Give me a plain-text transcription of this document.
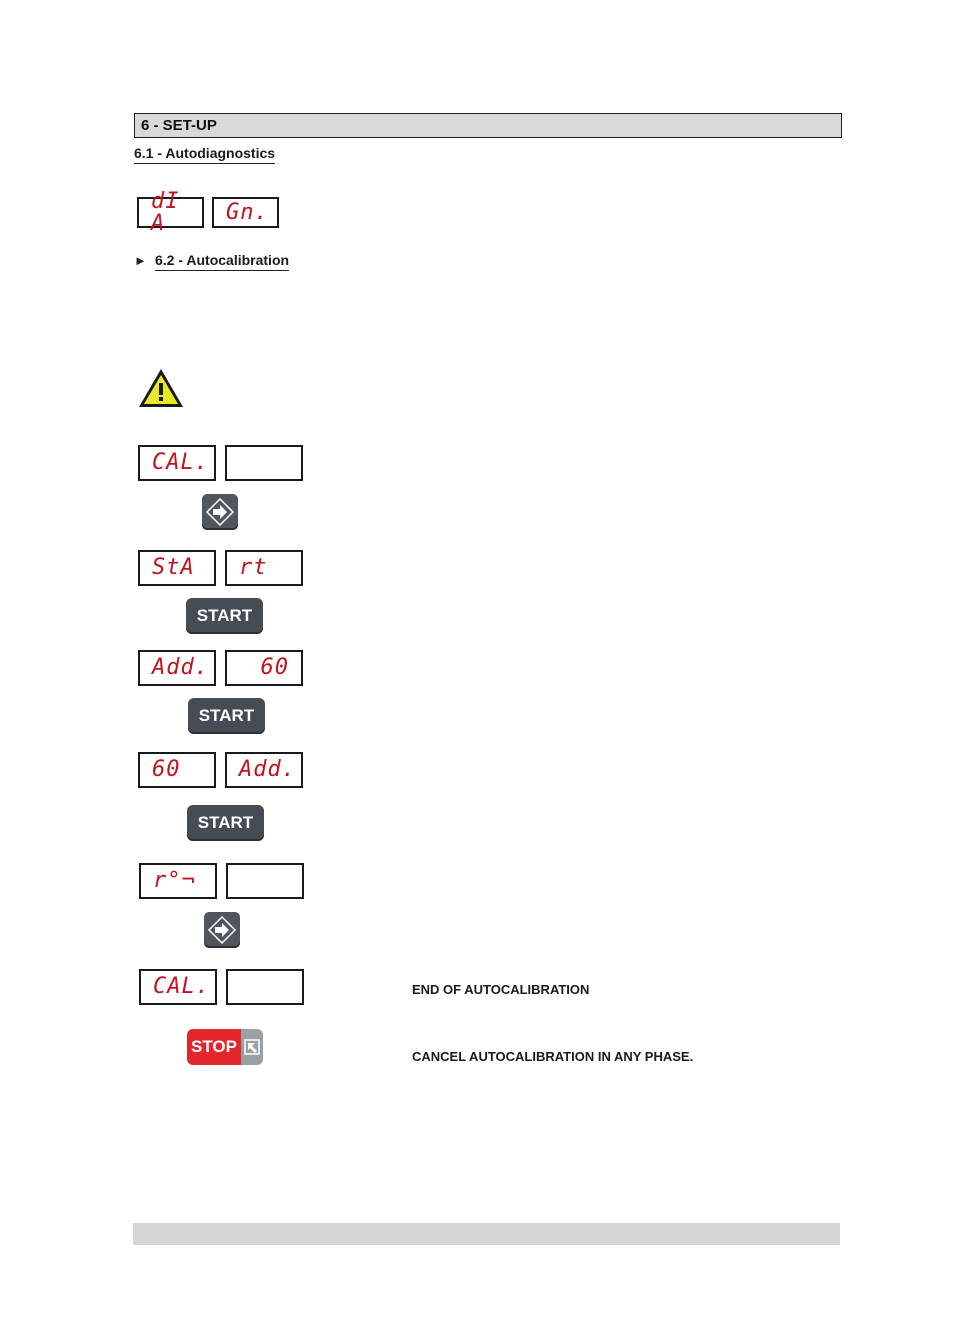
6 - SET-UP
6.1 - Autodiagnostics
dI A	Gn.
► 6.2 - Autocalibration
CAL.
StA rt
START
Add. 60
START
60	Add.
START
r°¬
CAL.	END OF AUTOCALIBRATION
STOP
CANCEL AUTOCALIBRATION IN ANY PHASE.
